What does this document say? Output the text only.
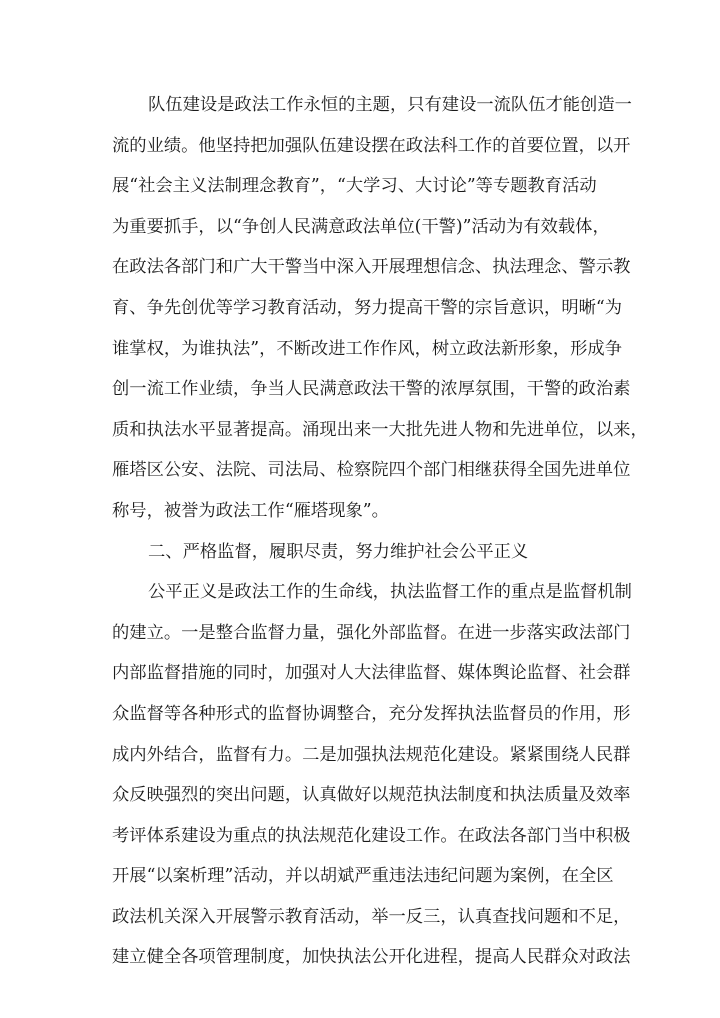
队伍建设是政法工作永恒的主题，只有建设一流队伍才能创造一
流的业绩。他坚持把加强队伍建设摆在政法科工作的首要位置，以开
展“社会主义法制理念教育”，“大学习、大讨论”等专题教育活动
为重要抓手，以“争创人民满意政法单位(干警)”活动为有效载体，
在政法各部门和广大干警当中深入开展理想信念、执法理念、警示教
育、争先创优等学习教育活动，努力提高干警的宗旨意识，明晰“为
谁掌权，为谁执法”，不断改进工作作风，树立政法新形象，形成争
创一流工作业绩，争当人民满意政法干警的浓厚氛围，干警的政治素
质和执法水平显著提高。涌现出来一大批先进人物和先进单位，以来，
雁塔区公安、法院、司法局、检察院四个部门相继获得全国先进单位
称号，被誉为政法工作“雁塔现象”。
二、严格监督，履职尽责，努力维护社会公平正义
公平正义是政法工作的生命线，执法监督工作的重点是监督机制
的建立。一是整合监督力量，强化外部监督。在进一步落实政法部门
内部监督措施的同时，加强对人大法律监督、媒体舆论监督、社会群
众监督等各种形式的监督协调整合，充分发挥执法监督员的作用，形
成内外结合，监督有力。二是加强执法规范化建设。紧紧围绕人民群
众反映强烈的突出问题，认真做好以规范执法制度和执法质量及效率
考评体系建设为重点的执法规范化建设工作。在政法各部门当中积极
开展“以案析理”活动，并以胡斌严重违法违纪问题为案例，在全区
政法机关深入开展警示教育活动，举一反三，认真查找问题和不足，
建立健全各项管理制度，加快执法公开化进程，提高人民群众对政法
